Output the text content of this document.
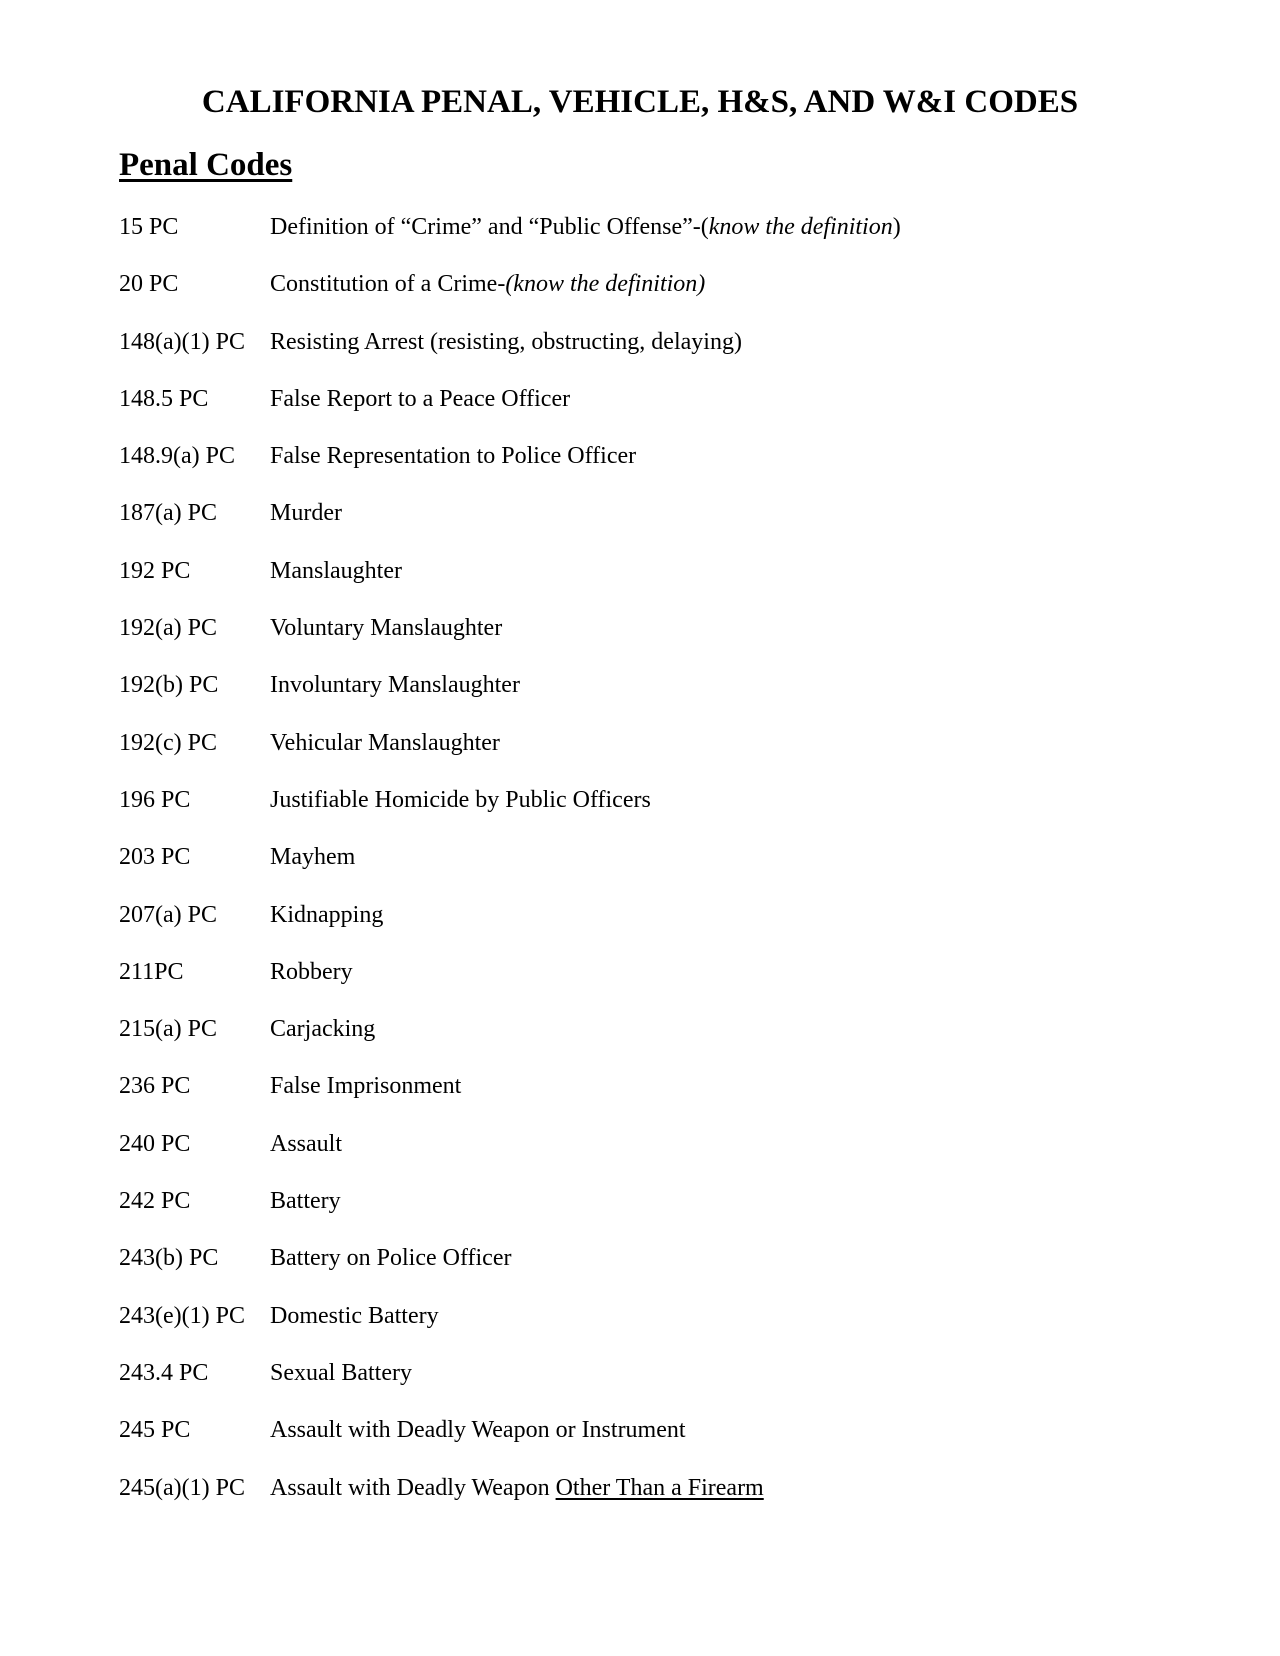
CALIFORNIA PENAL, VEHICLE, H&S, AND W&I CODES
Penal Codes
15 PC	Definition of “Crime” and “Public Offense”-(know the definition)
20 PC	Constitution of a Crime-(know the definition)
148(a)(1) PC	Resisting Arrest (resisting, obstructing, delaying)
148.5 PC	False Report to a Peace Officer
148.9(a) PC	False Representation to Police Officer
187(a) PC	Murder
192 PC	Manslaughter
192(a) PC	Voluntary Manslaughter
192(b) PC	Involuntary Manslaughter
192(c) PC	Vehicular Manslaughter
196 PC	Justifiable Homicide by Public Officers
203 PC	Mayhem
207(a) PC	Kidnapping
211PC	Robbery
215(a) PC	Carjacking
236 PC	False Imprisonment
240 PC	Assault
242 PC	Battery
243(b) PC	Battery on Police Officer
243(e)(1) PC	Domestic Battery
243.4 PC	Sexual Battery
245 PC	Assault with Deadly Weapon or Instrument
245(a)(1) PC	Assault with Deadly Weapon Other Than a Firearm
